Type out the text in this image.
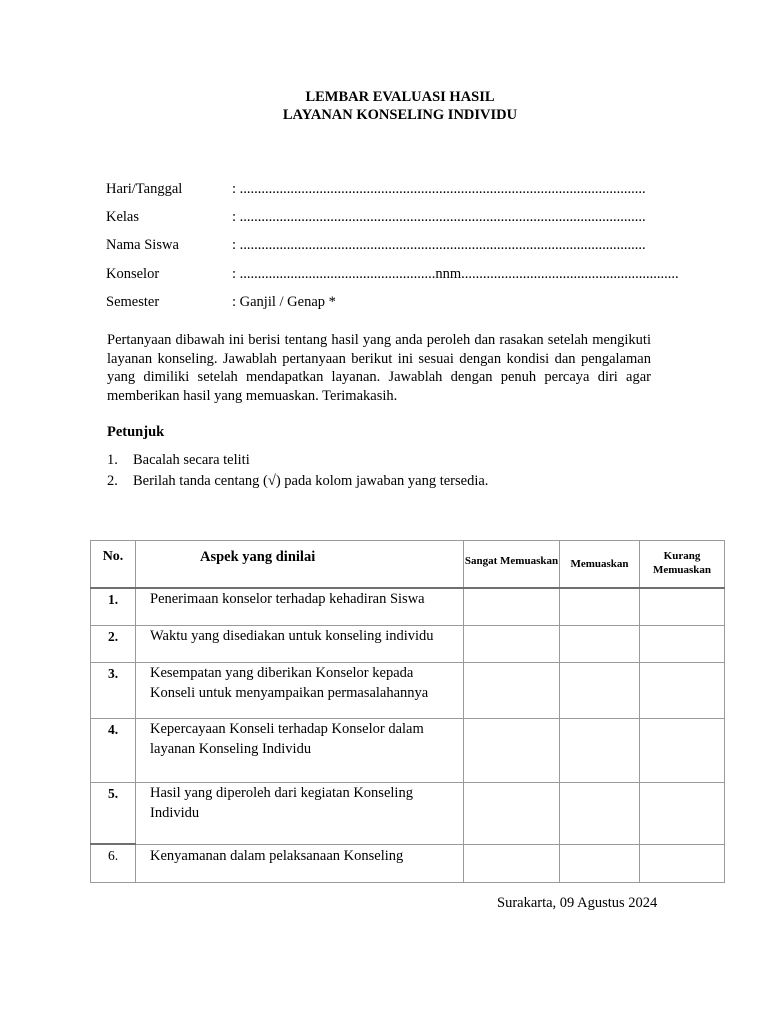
LEMBAR EVALUASI HASIL
LAYANAN KONSELING INDIVIDU
Hari/Tanggal	: ................................................................................................................
Kelas	: ................................................................................................................
Nama Siswa	: ................................................................................................................
Konselor	: ......................................................nnm............................................................
Semester	: Ganjil / Genap *
Pertanyaan dibawah ini berisi tentang hasil yang anda peroleh dan rasakan setelah mengikuti layanan konseling. Jawablah pertanyaan berikut ini sesuai dengan kondisi dan pengalaman yang dimiliki setelah mendapatkan layanan. Jawablah dengan penuh percaya diri agar memberikan hasil yang memuaskan. Terimakasih.
Petunjuk
1. Bacalah secara teliti
2. Berilah tanda centang (√) pada kolom jawaban yang tersedia.
No.	Aspek yang dinilai	Sangat Memuaskan	Memuaskan	Kurang Memuaskan
1.	Penerimaan konselor terhadap kehadiran Siswa			
2.	Waktu yang disediakan untuk konseling individu			
3.	Kesempatan yang diberikan Konselor kepada Konseli untuk menyampaikan permasalahannya			
4.	Kepercayaan Konseli terhadap Konselor dalam layanan Konseling Individu			
5.	Hasil yang diperoleh dari kegiatan Konseling Individu			
6.	Kenyamanan dalam pelaksanaan Konseling			
Surakarta, 09 Agustus 2024
